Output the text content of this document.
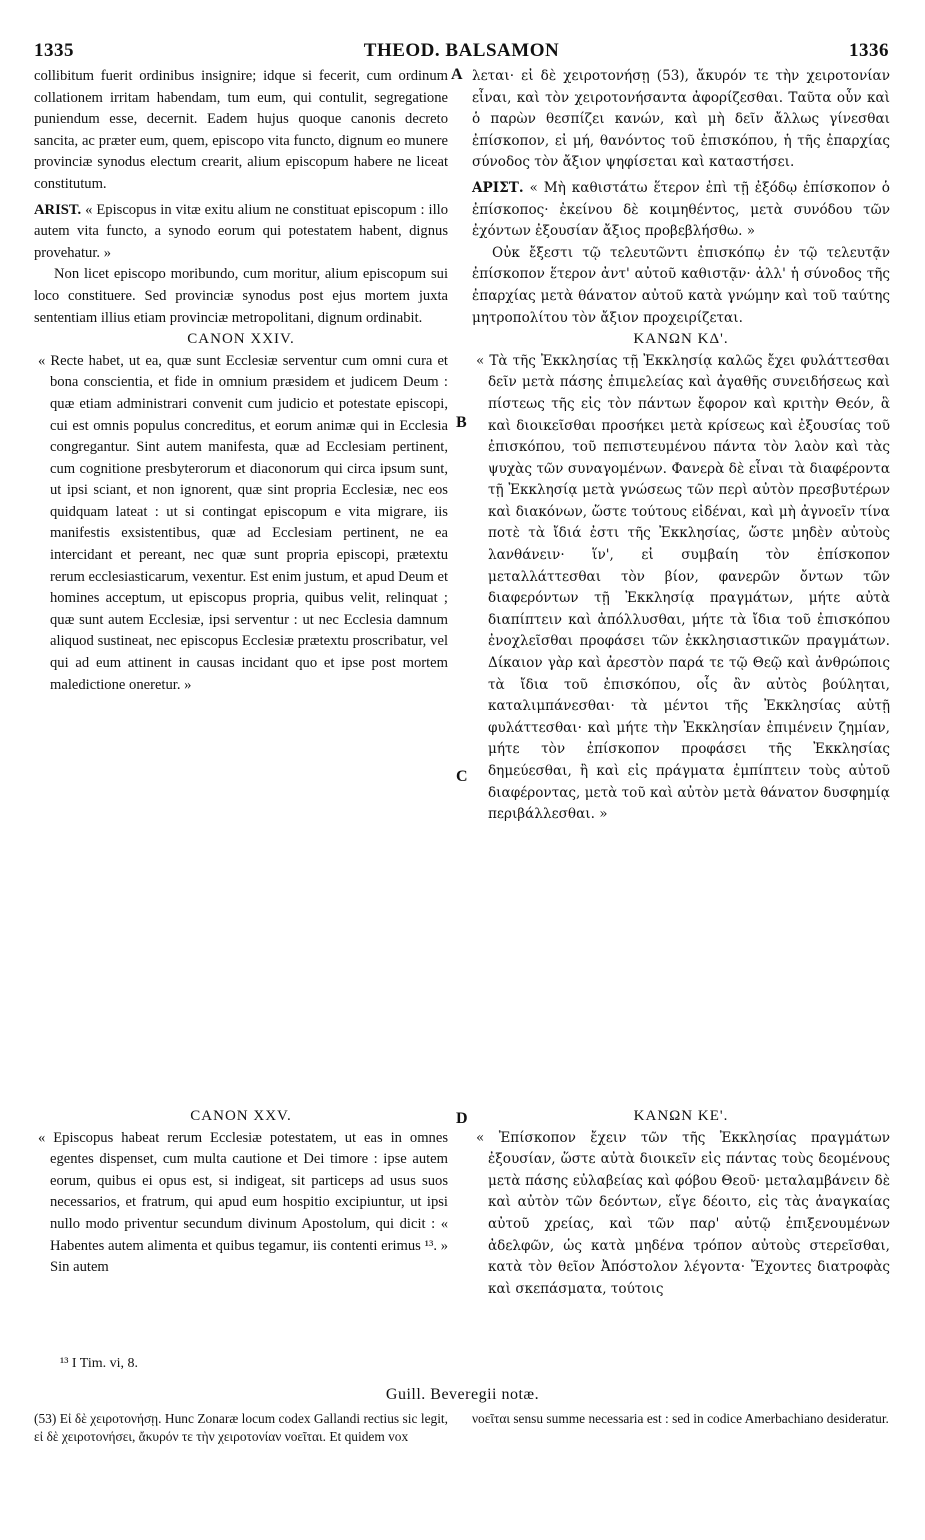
1335	THEOD. BALSAMON	1336

collibitum fuerit ordinibus insignire; idque si fecerit, cum ordinum collationem irritam habendam, tum eum, qui contulit, segregatione puniendum esse, decernit. Eadem hujus quoque canonis decreto sancita, ac præter eum, quem, episcopo vita functo, dignum eo munere provinciæ synodus electum crearit, alium episcopum habere ne liceat constitutum.

ARIST. « Episcopus in vitæ exitu alium ne constituat episcopum : illo autem vita functo, a synodo eorum qui potestatem habent, dignus provehatur. »

Non licet episcopo moribundo, cum moritur, alium episcopum sui loco constituere. Sed provinciæ synodus post ejus mortem juxta sententiam illius etiam provinciæ metropolitani, dignum ordinabit.

CANON XXIV.

« Recte habet, ut ea, quæ sunt Ecclesiæ serventur cum omni cura et bona conscientia, et fide in omnium præsidem et judicem Deum : quæ etiam administrari convenit cum judicio et potestate episcopi, cui est omnis populus concreditus, et eorum animæ qui in Ecclesia congregantur. Sint autem manifesta, quæ ad Ecclesiam pertinent, cum cognitione presbyterorum et diaconorum qui circa ipsum sunt, ut ipsi sciant, et non ignorent, quæ sint propria Ecclesiæ, nec eos quidquam lateat : ut si contingat episcopum e vita migrare, iis manifestis exsistentibus, quæ ad Ecclesiam pertinent, ne ea intercidant et pereant, nec quæ sunt propria episcopi, prætextu rerum ecclesiasticarum, vexentur. Est enim justum, et apud Deum et homines acceptum, ut episcopus propria, quibus velit, relinquat ; quæ sunt autem Ecclesiæ, ipsi serventur : ut nec Ecclesia damnum aliquod sustineat, nec episcopus Ecclesiæ prætextu proscribatur, vel qui ad eum attinent in causas incidant quo et ipse post mortem maledictione oneretur. »

λεται· εἰ δὲ χειροτονήσῃ (53), ἄκυρόν τε τὴν χειροτονίαν εἶναι, καὶ τὸν χειροτονήσαντα ἀφορίζεσθαι. Ταῦτα οὖν καὶ ὁ παρὼν θεσπίζει κανών, καὶ μὴ δεῖν ἄλλως γίνεσθαι ἐπίσκοπον, εἰ μή, θανόντος τοῦ ἐπισκόπου, ἡ τῆς ἐπαρχίας σύνοδος τὸν ἄξιον ψηφίσεται καὶ καταστήσει.

ΑΡΙΣΤ. « Μὴ καθιστάτω ἕτερον ἐπὶ τῇ ἐξόδῳ ἐπίσκοπον ὁ ἐπίσκοπος· ἐκείνου δὲ κοιμηθέντος, μετὰ συνόδου τῶν ἐχόντων ἐξουσίαν ἄξιος προβεβλήσθω. »

Οὐκ ἔξεστι τῷ τελευτῶντι ἐπισκόπῳ ἐν τῷ τελευτᾷν ἐπίσκοπον ἕτερον ἀντ' αὐτοῦ καθιστᾷν· ἀλλ' ἡ σύνοδος τῆς ἐπαρχίας μετὰ θάνατον αὐτοῦ κατὰ γνώμην καὶ τοῦ ταύτης μητροπολίτου τὸν ἄξιον προχειρίζεται.

ΚΑΝΩΝ ΚΔ'.

« Τὰ τῆς Ἐκκλησίας τῇ Ἐκκλησίᾳ καλῶς ἔχει φυλάττεσθαι δεῖν μετὰ πάσης ἐπιμελείας καὶ ἀγαθῆς συνειδήσεως καὶ πίστεως τῆς εἰς τὸν πάντων ἔφορον καὶ κριτὴν Θεόν, ἃ καὶ διοικεῖσθαι προσήκει μετὰ κρίσεως καὶ ἐξουσίας τοῦ ἐπισκόπου, τοῦ πεπιστευμένου πάντα τὸν λαὸν καὶ τὰς ψυχὰς τῶν συναγομένων. Φανερὰ δὲ εἶναι τὰ διαφέροντα τῇ Ἐκκλησίᾳ μετὰ γνώσεως τῶν περὶ αὐτὸν πρεσβυτέρων καὶ διακόνων, ὥστε τούτους εἰδέναι, καὶ μὴ ἀγνοεῖν τίνα ποτὲ τὰ ἴδιά ἐστι τῆς Ἐκκλησίας, ὥστε μηδὲν αὐτοὺς λανθάνειν· ἵν', εἰ συμβαίη τὸν ἐπίσκοπον μεταλλάττεσθαι τὸν βίον, φανερῶν ὄντων τῶν διαφερόντων τῇ Ἐκκλησίᾳ πραγμάτων, μήτε αὐτὰ διαπίπτειν καὶ ἀπόλλυσθαι, μήτε τὰ ἴδια τοῦ ἐπισκόπου ἐνοχλεῖσθαι προφάσει τῶν ἐκκλησιαστικῶν πραγμάτων. Δίκαιον γὰρ καὶ ἀρεστὸν παρά τε τῷ Θεῷ καὶ ἀνθρώποις τὰ ἴδια τοῦ ἐπισκόπου, οἷς ἂν αὐτὸς βούληται, καταλιμπάνεσθαι· τὰ μέντοι τῆς Ἐκκλησίας αὐτῇ φυλάττεσθαι· καὶ μήτε τὴν Ἐκκλησίαν ἐπιμένειν ζημίαν, μήτε τὸν ἐπίσκοπον προφάσει τῆς Ἐκκλησίας δημεύεσθαι, ἢ καὶ εἰς πράγματα ἐμπίπτειν τοὺς αὐτοῦ διαφέροντας, μετὰ τοῦ καὶ αὐτὸν μετὰ θάνατον δυσφημίᾳ περιβάλλεσθαι. »

A
B
C
D

CANON XXV.

« Episcopus habeat rerum Ecclesiæ potestatem, ut eas in omnes egentes dispenset, cum multa cautione et Dei timore : ipse autem eorum, quibus ei opus est, si indigeat, sit particeps ad usus suos necessarios, et fratrum, qui apud eum hospitio excipiuntur, ut ipsi nullo modo priventur secundum divinum Apostolum, qui dicit : « Habentes autem alimenta et quibus tegamur, iis contenti erimus ¹³. » Sin autem

ΚΑΝΩΝ ΚΕ'.

« Ἐπίσκοπον ἔχειν τῶν τῆς Ἐκκλησίας πραγμάτων ἐξουσίαν, ὥστε αὐτὰ διοικεῖν εἰς πάντας τοὺς δεομένους μετὰ πάσης εὐλαβείας καὶ φόβου Θεοῦ· μεταλαμβάνειν δὲ καὶ αὐτὸν τῶν δεόντων, εἴγε δέοιτο, εἰς τὰς ἀναγκαίας αὐτοῦ χρείας, καὶ τῶν παρ' αὐτῷ ἐπιξενουμένων ἀδελφῶν, ὡς κατὰ μηδένα τρόπον αὐτοὺς στερεῖσθαι, κατὰ τὸν θεῖον Ἀπόστολον λέγοντα· Ἔχοντες διατροφὰς καὶ σκεπάσματα, τούτοις

¹³ I Tim. vi, 8.
Guill. Beveregii notæ.

(53) Εἰ δὲ χειροτονήσῃ. Hunc Zonaræ locum codex Gallandi rectius sic legit, εἰ δὲ χειροτονήσει, ἄκυρόν τε τὴν χειροτονίαν νοεῖται. Et quidem vox

νοεῖται sensu summe necessaria est : sed in codice Amerbachiano desideratur.
